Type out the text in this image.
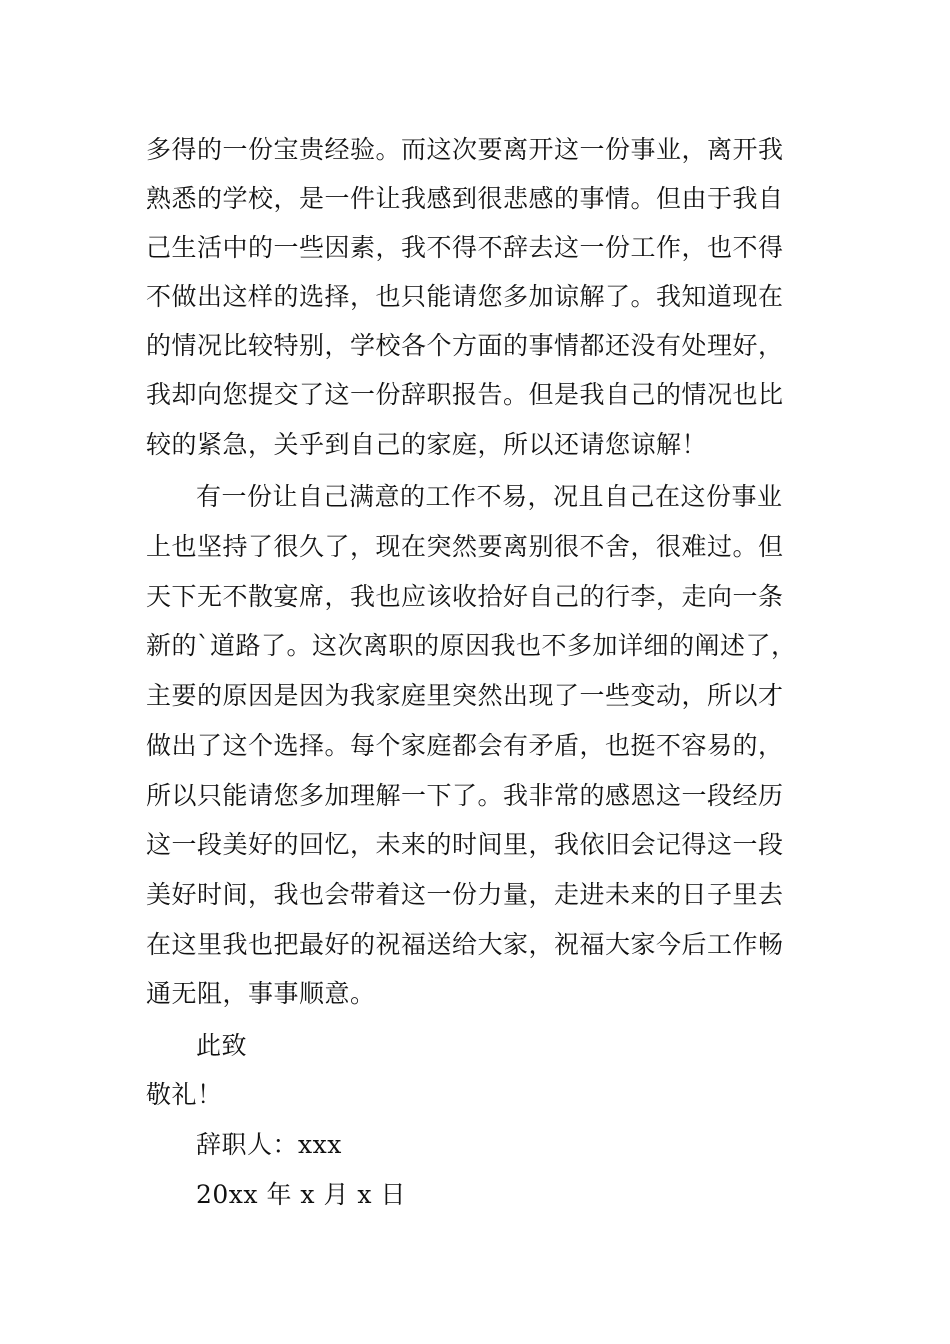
多得的一份宝贵经验。而这次要离开这一份事业，离开我
熟悉的学校，是一件让我感到很悲感的事情。但由于我自
己生活中的一些因素，我不得不辞去这一份工作，也不得
不做出这样的选择，也只能请您多加谅解了。我知道现在
的情况比较特别，学校各个方面的事情都还没有处理好，
我却向您提交了这一份辞职报告。但是我自己的情况也比
较的紧急，关乎到自己的家庭，所以还请您谅解！
有一份让自己满意的工作不易，况且自己在这份事业
上也坚持了很久了，现在突然要离别很不舍，很难过。但
天下无不散宴席，我也应该收拾好自己的行李，走向一条
新的`道路了。这次离职的原因我也不多加详细的阐述了，
主要的原因是因为我家庭里突然出现了一些变动，所以才
做出了这个选择。每个家庭都会有矛盾，也挺不容易的，
所以只能请您多加理解一下了。我非常的感恩这一段经历
这一段美好的回忆，未来的时间里，我依旧会记得这一段
美好时间，我也会带着这一份力量，走进未来的日子里去
在这里我也把最好的祝福送给大家，祝福大家今后工作畅
通无阻，事事顺意。
此致
敬礼！
辞职人：xxx
20xx 年 x 月 x 日
